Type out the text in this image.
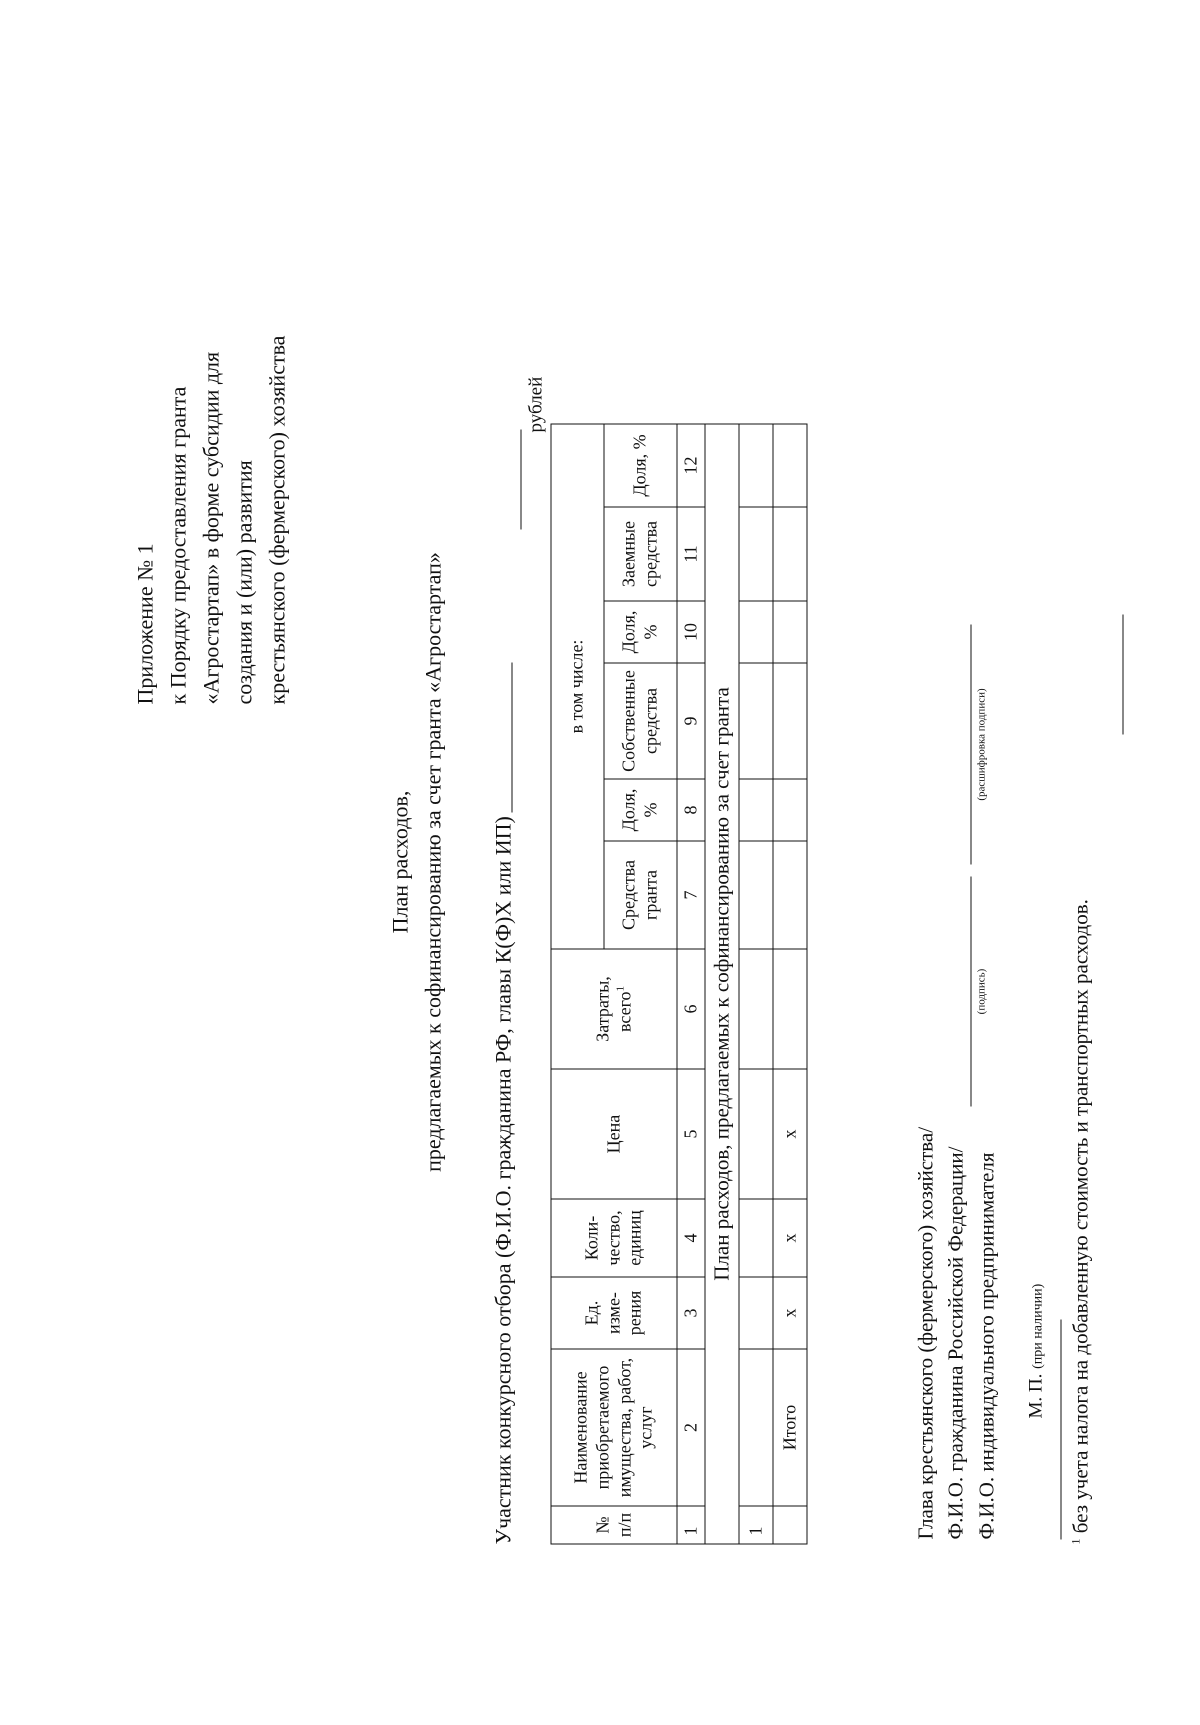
Приложение № 1 к Порядку предоставления гранта «Агростартап» в форме субсидии для создания и (или) развития крестьянского (фермерского) хозяйства
План расходов, предлагаемых к софинансированию за счет гранта «Агростартап» Участник конкурсного отбора (Ф.И.О. гражданина РФ, главы К(Ф)Х или ИП)
рублей
№ п/п	Наименование приобретаемого имущества, работ, услуг	Ед. изме-рения	Коли-чество, единиц	Цена	Затраты, всего$^1$	в том числе:					
						Средства гранта	Доля, %	Собственные средства	Доля, %	Заемные средства	Доля, %
1	2	3	4	5	6	7	8	9	10	11	12
План расходов, предлагаемых к софинансированию за счет гранта											
1											
	Итого	х	х	х								Глава крестьянского (фермерского) хозяйства/ Ф.И.О. гражданина Российской Федерации/ Ф.И.О. индивидуального предпринимателя
(подпись)
(расшифровка подписи)
М. П. (при наличии)
$^1$ без учета налога на добавленную стоимость и транспортных расходов.
